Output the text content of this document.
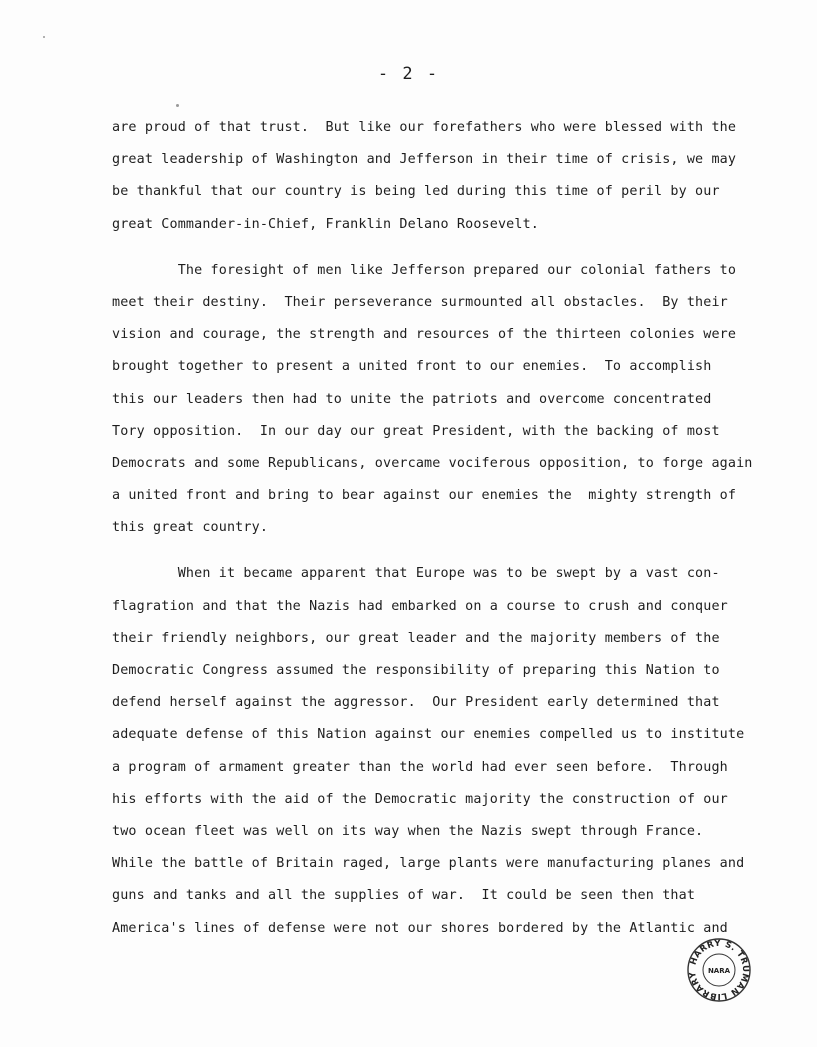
- 2 -
are proud of that trust.  But like our forefathers who were blessed with the
great leadership of Washington and Jefferson in their time of crisis, we may
be thankful that our country is being led during this time of peril by our
great Commander-in-Chief, Franklin Delano Roosevelt.
The foresight of men like Jefferson prepared our colonial fathers to
meet their destiny.  Their perseverance surmounted all obstacles.  By their
vision and courage, the strength and resources of the thirteen colonies were
brought together to present a united front to our enemies.  To accomplish
this our leaders then had to unite the patriots and overcome concentrated
Tory opposition.  In our day our great President, with the backing of most
Democrats and some Republicans, overcame vociferous opposition, to forge again
a united front and bring to bear against our enemies the  mighty strength of
this great country.
When it became apparent that Europe was to be swept by a vast con-
flagration and that the Nazis had embarked on a course to crush and conquer
their friendly neighbors, our great leader and the majority members of the
Democratic Congress assumed the responsibility of preparing this Nation to
defend herself against the aggressor.  Our President early determined that
adequate defense of this Nation against our enemies compelled us to institute
a program of armament greater than the world had ever seen before.  Through
his efforts with the aid of the Democratic majority the construction of our
two ocean fleet was well on its way when the Nazis swept through France.
While the battle of Britain raged, large plants were manufacturing planes and
guns and tanks and all the supplies of war.  It could be seen then that
America's lines of defense were not our shores bordered by the Atlantic and
HARRY S. TRUMAN LIBRARY	NARA
